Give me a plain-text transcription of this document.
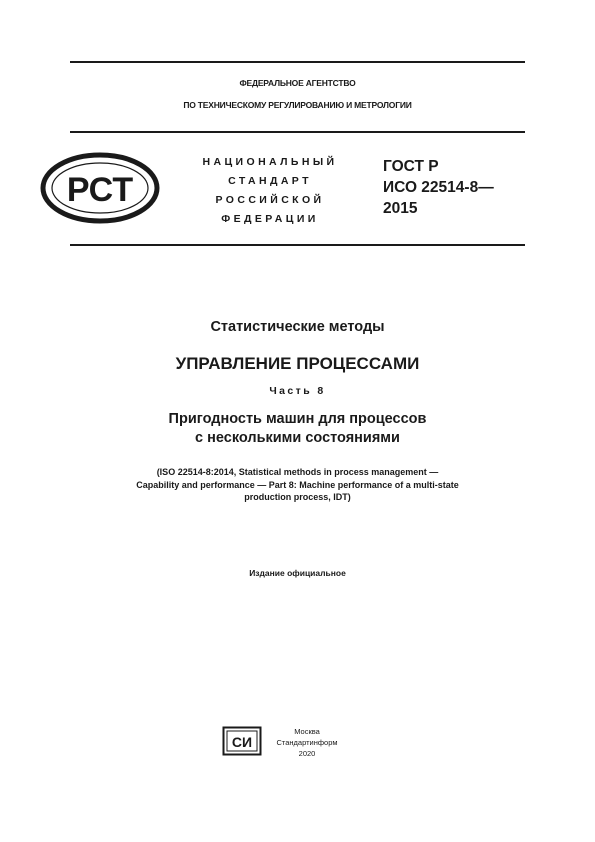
ФЕДЕРАЛЬНОЕ АГЕНТСТВО
ПО ТЕХНИЧЕСКОМУ РЕГУЛИРОВАНИЮ И МЕТРОЛОГИИ
РСТ
НАЦИОНАЛЬНЫЙ
СТАНДАРТ
РОССИЙСКОЙ
ФЕДЕРАЦИИ
ГОСТ Р
ИСО 22514-8—
2015
Статистические методы
УПРАВЛЕНИЕ ПРОЦЕССАМИ
Часть 8
Пригодность машин для процессов
с несколькими состояниями
(ISO 22514-8:2014, Statistical methods in process management —
Capability and performance — Part 8: Machine performance of a multi-state
production process, IDT)
Издание официальное
СИ
Москва
Стандартинформ
2020
